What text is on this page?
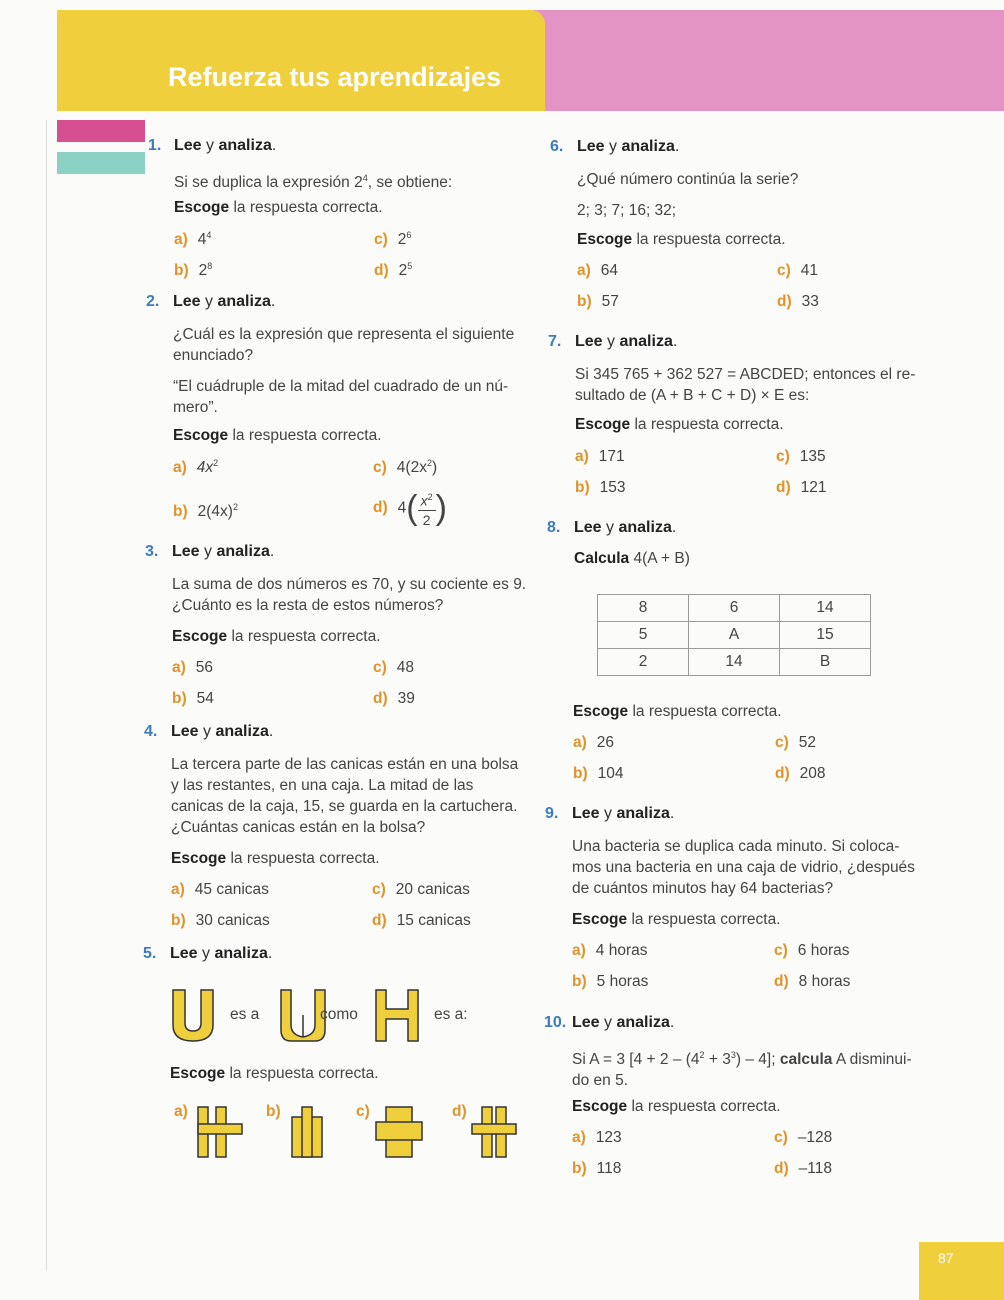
Refuerza tus aprendizajes
1. Lee y analiza.
Si se duplica la expresión $2^4$, se obtiene:
Escoge la respuesta correcta.
a) $4^4$
b) $2^8$
c) $2^6$
d) $2^5$
2. Lee y analiza.
¿Cuál es la expresión que representa el siguiente enunciado?
“El cuádruple de la mitad del cuadrado de un nú-mero”.
Escoge la respuesta correcta.
a) $4x^2$
b) $2(4x)^2$
c) $4(2x^2)$
d) $4( \frac{x^2}{2}$ )
3. Lee y analiza.
La suma de dos números es 70, y su cociente es 9. ¿Cuánto es la resta de estos números?
Escoge la respuesta correcta.
a) 56
b) 54
c) 48
d) 39
4. Lee y analiza.
La tercera parte de las canicas están en una bolsa y las restantes, en una caja. La mitad de las canicas de la caja, 15, se guarda en la cartuchera. ¿Cuántas canicas están en la bolsa?
Escoge la respuesta correcta.
a) 45 canicas
b) 30 canicas
c) 20 canicas
d) 15 canicas
5. Lee y analiza.
es a	como	es a:
Escoge la respuesta correcta.
a)	b)	c)	d)
6. Lee y analiza.
¿Qué número continúa la serie?
2; 3; 7; 16; 32;
Escoge la respuesta correcta.
a) 64
b) 57
c) 41
d) 33
7. Lee y analiza.
Si 345 765 + 362 527 = ABCDED; entonces el re-sultado de (A + B + C + D) × E es:
Escoge la respuesta correcta.
a) 171
b) 153
c) 135
d) 121
8. Lee y analiza.
Calcula 4(A + B)
8	6	14
5	A	15
2	14	B
Escoge la respuesta correcta.
a) 26
b) 104
c) 52
d) 208
9. Lee y analiza.
Una bacteria se duplica cada minuto. Si coloca-mos una bacteria en una caja de vidrio, ¿después de cuántos minutos hay 64 bacterias?
Escoge la respuesta correcta.
a) 4 horas
b) 5 horas
c) 6 horas
d) 8 horas
10. Lee y analiza.
Si A = 3 $[4 + 2 - (4^2 + 3^3) - 4]$; calcula A disminui-do en 5.
Escoge la respuesta correcta.
a) 123
b) 118
c) –128
d) –118
87
